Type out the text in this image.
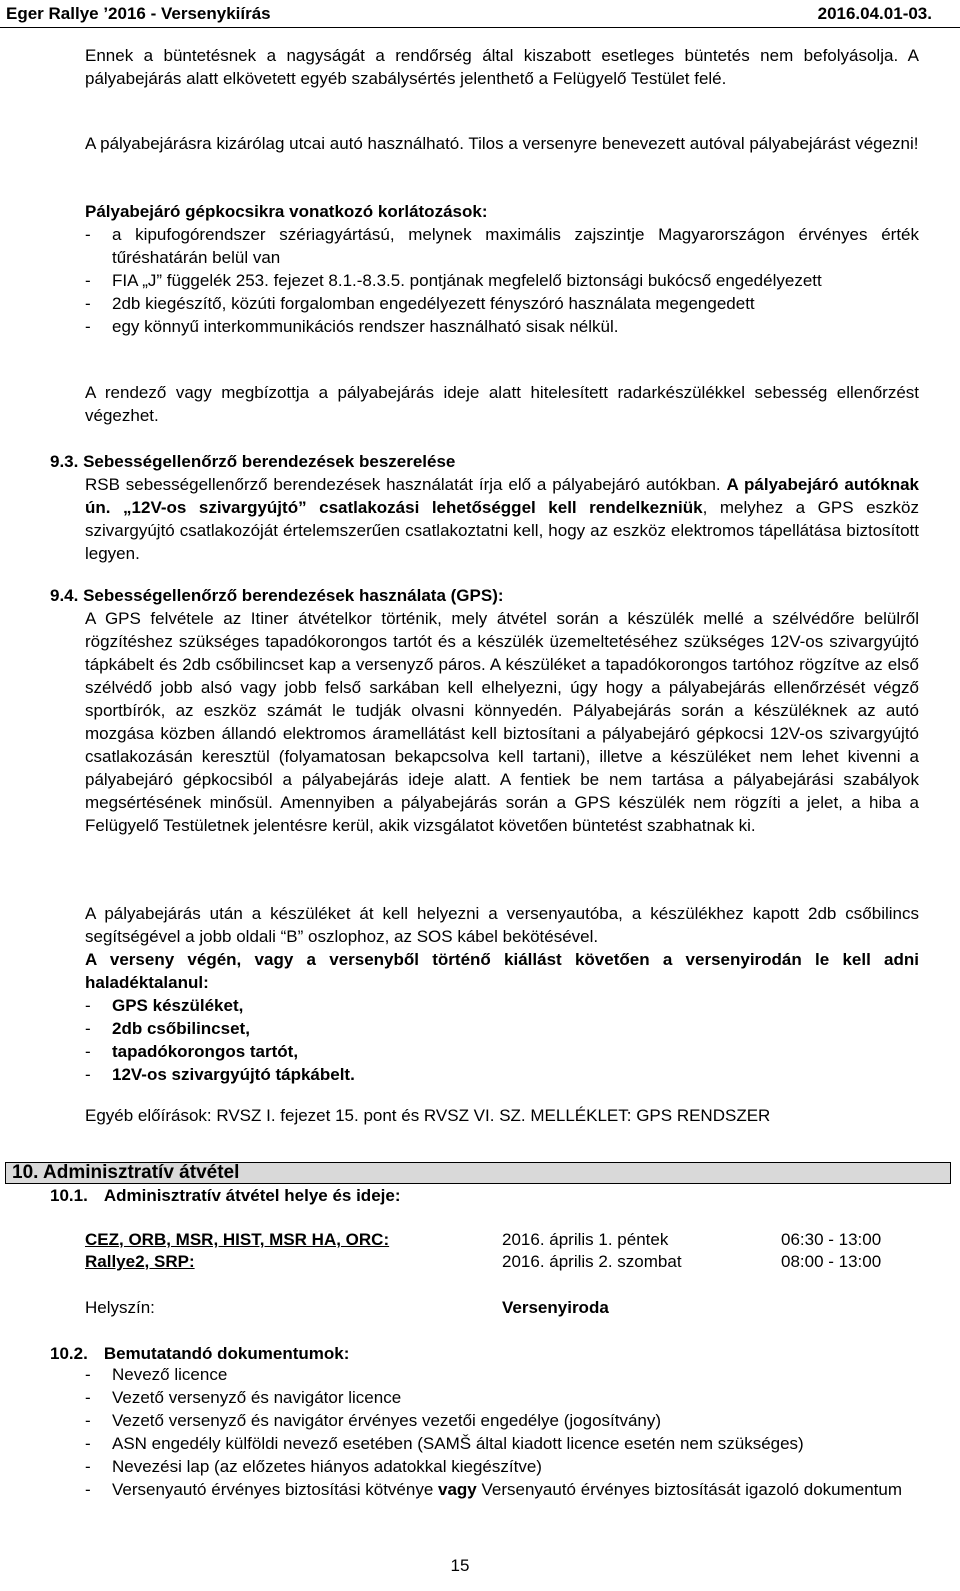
Eger Rallye ’2016 - Versenykiírás	2016.04.01-03.
Ennek a büntetésnek a nagyságát a rendőrség által kiszabott esetleges büntetés nem befolyásolja. A pályabejárás alatt elkövetett egyéb szabálysértés jelenthető a Felügyelő Testület felé.
A pályabejárásra kizárólag utcai autó használható. Tilos a versenyre benevezett autóval pályabejárást végezni!
Pályabejáró gépkocsikra vonatkozó korlátozások:
- a kipufogórendszer szériagyártású, melynek maximális zajszintje Magyarországon érvényes érték tűréshatárán belül van
- FIA „J” függelék 253. fejezet 8.1.-8.3.5. pontjának megfelelő biztonsági bukócső engedélyezett
- 2db kiegészítő, közúti forgalomban engedélyezett fényszóró használata megengedett
- egy könnyű interkommunikációs rendszer használható sisak nélkül.
A rendező vagy megbízottja a pályabejárás ideje alatt hitelesített radarkészülékkel sebesség ellenőrzést végezhet.
9.3. Sebességellenőrző berendezések beszerelése
RSB sebességellenőrző berendezések használatát írja elő a pályabejáró autókban. A pályabejáró autóknak ún. „12V-os szivargyújtó” csatlakozási lehetőséggel kell rendelkezniük, melyhez a GPS eszköz szivargyújtó csatlakozóját értelemszerűen csatlakoztatni kell, hogy az eszköz elektromos tápellátása biztosított legyen.
9.4. Sebességellenőrző berendezések használata (GPS):
A GPS felvétele az Itiner átvételkor történik, mely átvétel során a készülék mellé a szélvédőre belülről rögzítéshez szükséges tapadókorongos tartót és a készülék üzemeltetéséhez szükséges 12V-os szivargyújtó tápkábelt és 2db csőbilincset kap a versenyző páros. A készüléket a tapadókorongos tartóhoz rögzítve az első szélvédő jobb alsó vagy jobb felső sarkában kell elhelyezni, úgy hogy a pályabejárás ellenőrzését végző sportbírók, az eszköz számát le tudják olvasni könnyedén. Pályabejárás során a készüléknek az autó mozgása közben állandó elektromos áramellátást kell biztosítani a pályabejáró gépkocsi 12V-os szivargyújtó csatlakozásán keresztül (folyamatosan bekapcsolva kell tartani), illetve a készüléket nem lehet kivenni a pályabejáró gépkocsiból a pályabejárás ideje alatt. A fentiek be nem tartása a pályabejárási szabályok megsértésének minősül. Amennyiben a pályabejárás során a GPS készülék nem rögzíti a jelet, a hiba a Felügyelő Testületnek jelentésre kerül, akik vizsgálatot követően büntetést szabhatnak ki.
A pályabejárás után a készüléket át kell helyezni a versenyautóba, a készülékhez kapott 2db csőbilincs segítségével a jobb oldali “B” oszlophoz, az SOS kábel bekötésével.
A verseny végén, vagy a versenyből történő kiállást követően a versenyirodán le kell adni haladéktalanul:
- GPS készüléket,
- 2db csőbilincset,
- tapadókorongos tartót,
- 12V-os szivargyújtó tápkábelt.
Egyéb előírások: RVSZ I. fejezet 15. pont és RVSZ VI. SZ. MELLÉKLET: GPS RENDSZER
10. Adminisztratív átvétel
10.1. Adminisztratív átvétel helye és ideje:
CEZ, ORB, MSR, HIST, MSR HA, ORC:	2016. április 1. péntek	06:30 - 13:00
Rallye2, SRP:	2016. április 2. szombat	08:00 - 13:00
Helyszín:	Versenyiroda
10.2. Bemutatandó dokumentumok:
- Nevező licence
- Vezető versenyző és navigátor licence
- Vezető versenyző és navigátor érvényes vezetői engedélye (jogosítvány)
- ASN engedély külföldi nevező esetében (SAMŠ által kiadott licence esetén nem szükséges)
- Nevezési lap (az előzetes hiányos adatokkal kiegészítve)
- Versenyautó érvényes biztosítási kötvénye vagy Versenyautó érvényes biztosítását igazoló dokumentum
15
